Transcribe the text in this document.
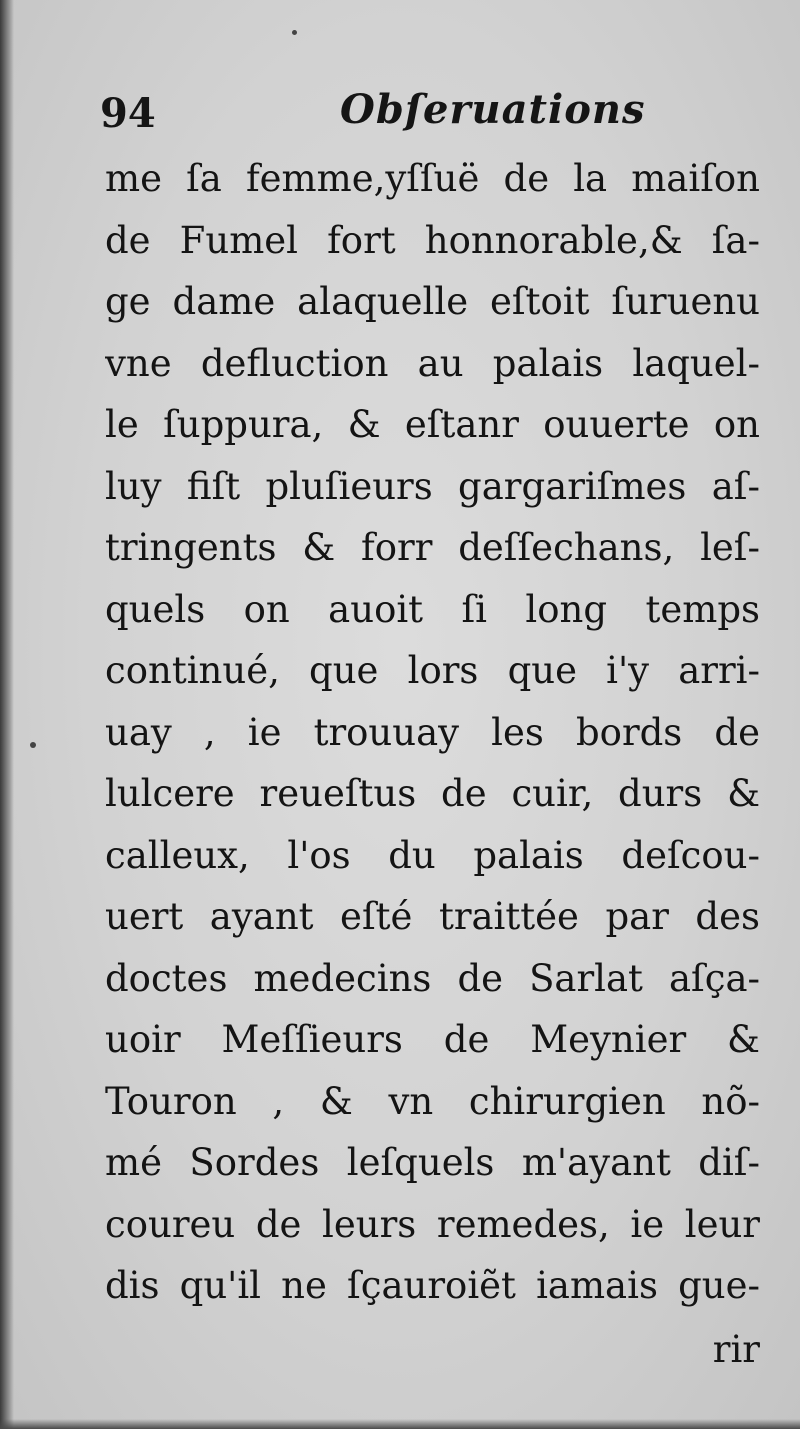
94	Obſeruations
me ſa femme,yſſuë de la maiſon
de Fumel fort honnorable,& ſa-
ge dame alaquelle eſtoit ſuruenu
vne defluction au palais laquel-
le ſuppura, & eſtanr ouuerte on
luy fiſt pluſieurs gargariſmes aſ-
tringents & forr deſſechans, leſ-
quels on auoit ſi long temps
continué, que lors que i'y arri-
uay , ie trouuay les bords de
lulcere reueſtus de cuir, durs &
calleux, l'os du palais deſcou-
uert ayant eſté traittée par des
doctes medecins de Sarlat aſça-
uoir Meſſieurs de Meynier &
Touron , & vn chirurgien nõ-
mé Sordes leſquels m'ayant diſ-
coureu de leurs remedes, ie leur
dis qu'il ne ſçauroiẽt iamais gue-
rir
